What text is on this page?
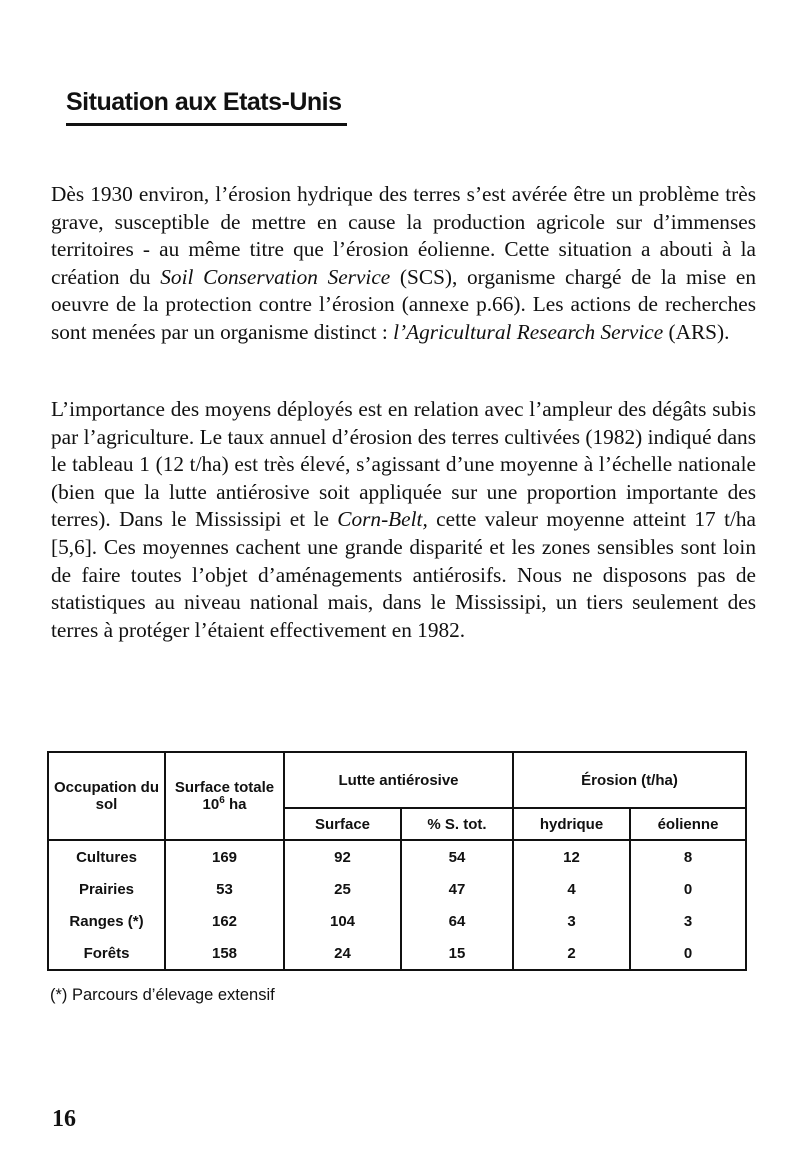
Situation aux Etats-Unis

Dès 1930 environ, l’érosion hydrique des terres s’est avérée être un problème très grave, susceptible de mettre en cause la production agricole sur d’immenses territoires - au même titre que l’érosion éolienne. Cette situation a abouti à la création du Soil Conservation Service (SCS), organisme chargé de la mise en oeuvre de la protection contre l’érosion (annexe p.66). Les actions de recherches sont menées par un organisme distinct : l’Agricultural Research Service (ARS).

L’importance des moyens déployés est en relation avec l’ampleur des dégâts subis par l’agriculture. Le taux annuel d’érosion des terres cultivées (1982) indiqué dans le tableau 1 (12 t/ha) est très élevé, s’agissant d’une moyenne à l’échelle nationale (bien que la lutte antiérosive soit appliquée sur une proportion importante des terres). Dans le Mississipi et le Corn-Belt, cette valeur moyenne atteint 17 t/ha [5,6]. Ces moyennes cachent une grande disparité et les zones sensibles sont loin de faire toutes l’objet d’aménagements antiérosifs. Nous ne disposons pas de statistiques au niveau national mais, dans le Mississipi, un tiers seulement des terres à protéger l’étaient effectivement en 1982.

Occupation du sol	Surface totale
$10^6$ ha	Lutte antiérosive		Érosion (t/ha)	
		Surface	% S. tot.	hydrique	éolienne
Cultures	169	92	54	12	8
Prairies	53	25	47	4	0
Ranges (*)	162	104	64	3	3
Forêts	158	24	15	2	0
(*) Parcours d’élevage extensif
16
